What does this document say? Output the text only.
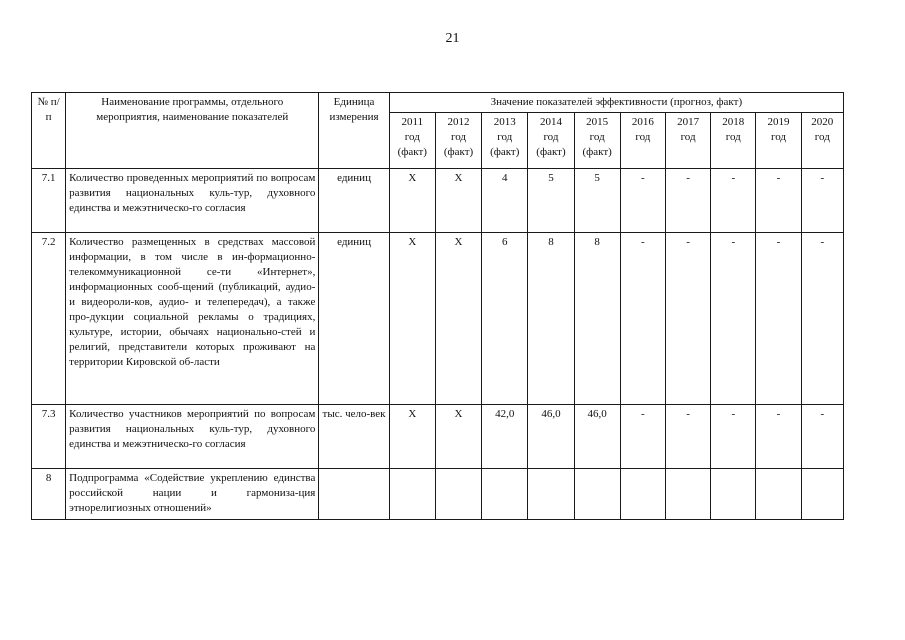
21
№ п/п	Наименование программы, отдельного мероприятия, наименование показателей	Единица измерения	Значение показателей эффективности (прогноз, факт)									

			2011
год
(факт)	2012
год
(факт)	2013
год
(факт)	2014
год
(факт)	2015
год
(факт)	2016
год	2017
год	2018
год	2019
год	2020
год

7.1	Количество проведенных мероприятий по вопросам развития национальных куль-тур, духовного единства и межэтническо-го согласия	единиц	X	X	4	5	5	-	-	-	-	-
7.2	Количество размещенных в средствах массовой информации, в том числе в ин-формационно-телекоммуникационной се-ти «Интернет», информационных сооб-щений (публикаций, аудио- и видеороли-ков, аудио- и телепередач), а также про-дукции социальной рекламы о традициях, культуре, истории, обычаях национально-стей и религий, представители которых проживают на территории Кировской об-ласти	единиц	X	X	6	8	8	-	-	-	-	-
7.3	Количество участников мероприятий по вопросам развития национальных куль-тур, духовного единства и межэтническо-го согласия	тыс. чело-век	X	X	42,0	46,0	46,0	-	-	-	-	-
8	Подпрограмма «Содействие укреплению единства российской нации и гармониза-ция этнорелигиозных отношений»											
